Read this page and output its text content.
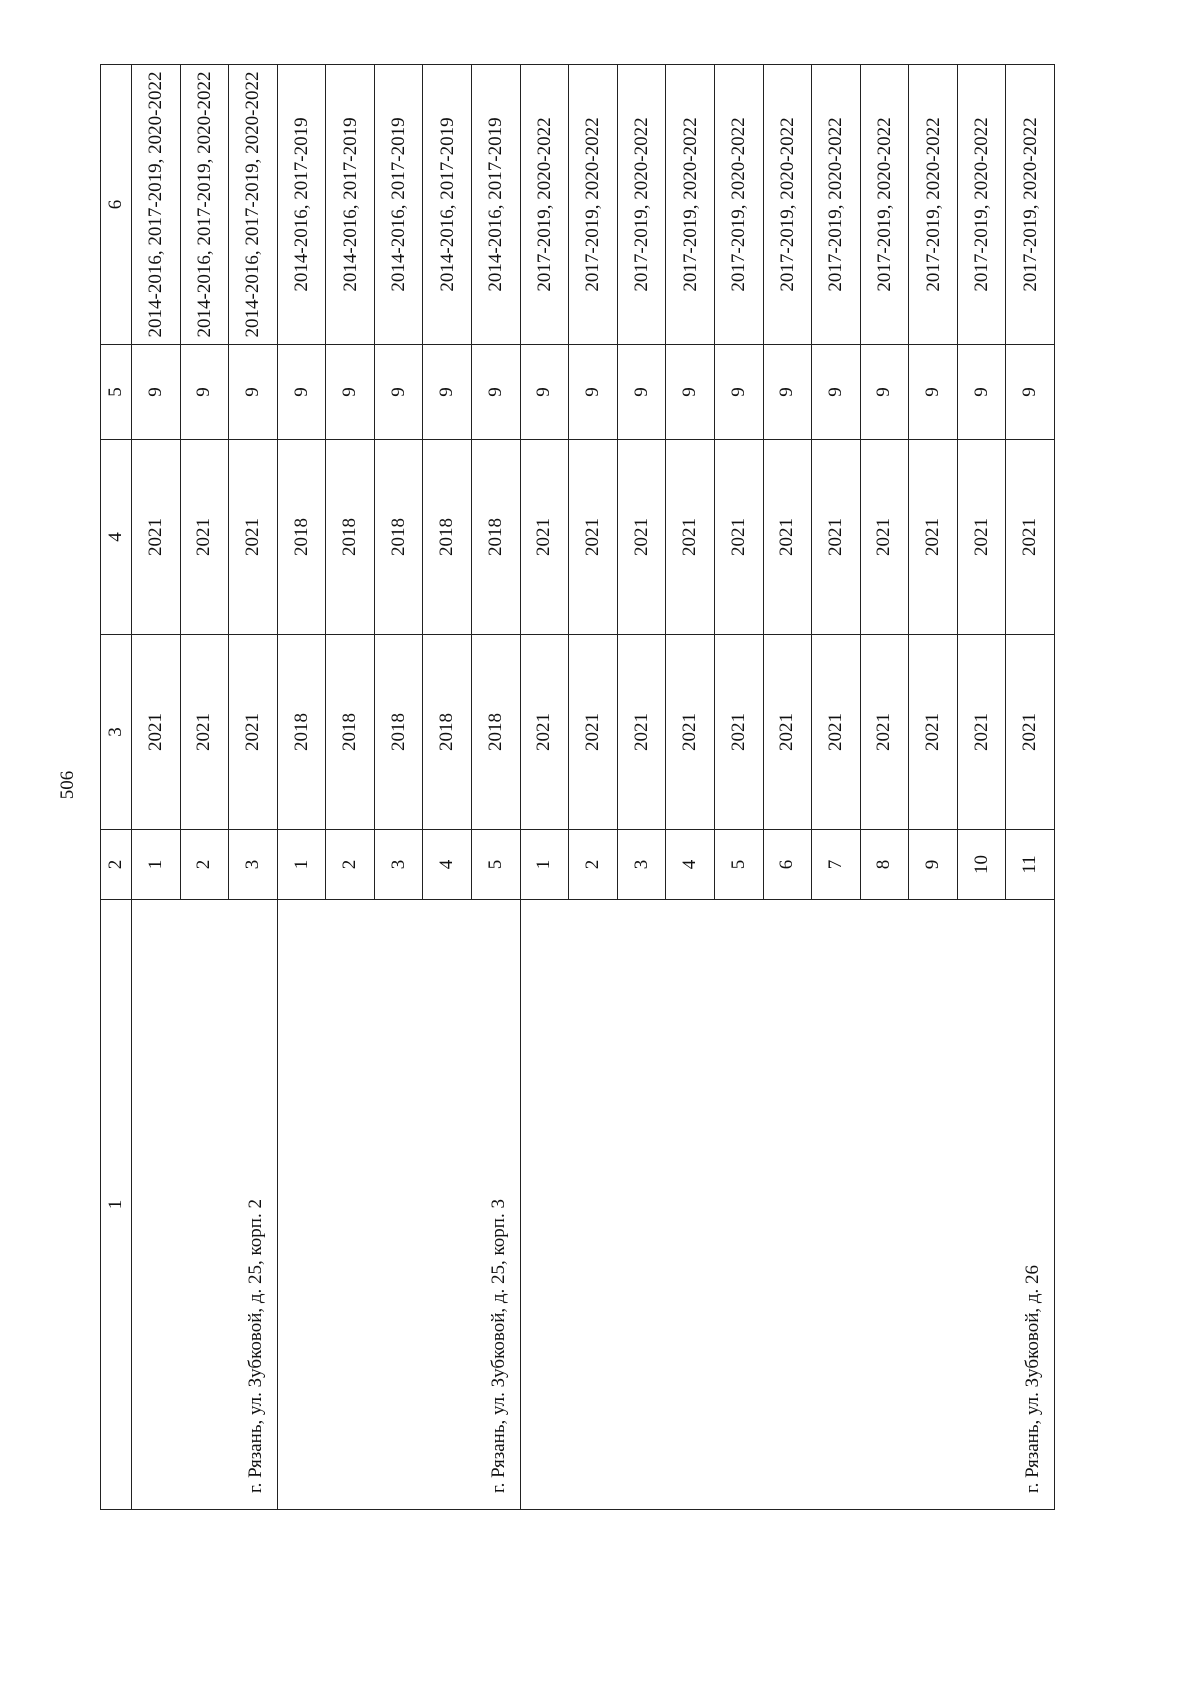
506
1	2	3	4	5	6
г. Рязань, ул. Зубковой, д. 25, корп. 2	1	2021	2021	9	2014-2016, 2017-2019, 2020-2022
	2	2021	2021	9	2014-2016, 2017-2019, 2020-2022
	3	2021	2021	9	2014-2016, 2017-2019, 2020-2022
г. Рязань, ул. Зубковой, д. 25, корп. 3	1	2018	2018	9	2014-2016, 2017-2019
	2	2018	2018	9	2014-2016, 2017-2019
	3	2018	2018	9	2014-2016, 2017-2019
	4	2018	2018	9	2014-2016, 2017-2019
	5	2018	2018	9	2014-2016, 2017-2019
г. Рязань, ул. Зубковой, д. 26	1	2021	2021	9	2017-2019, 2020-2022
	2	2021	2021	9	2017-2019, 2020-2022
	3	2021	2021	9	2017-2019, 2020-2022
	4	2021	2021	9	2017-2019, 2020-2022
	5	2021	2021	9	2017-2019, 2020-2022
	6	2021	2021	9	2017-2019, 2020-2022
	7	2021	2021	9	2017-2019, 2020-2022
	8	2021	2021	9	2017-2019, 2020-2022
	9	2021	2021	9	2017-2019, 2020-2022
	10	2021	2021	9	2017-2019, 2020-2022
	11	2021	2021	9	2017-2019, 2020-2022
